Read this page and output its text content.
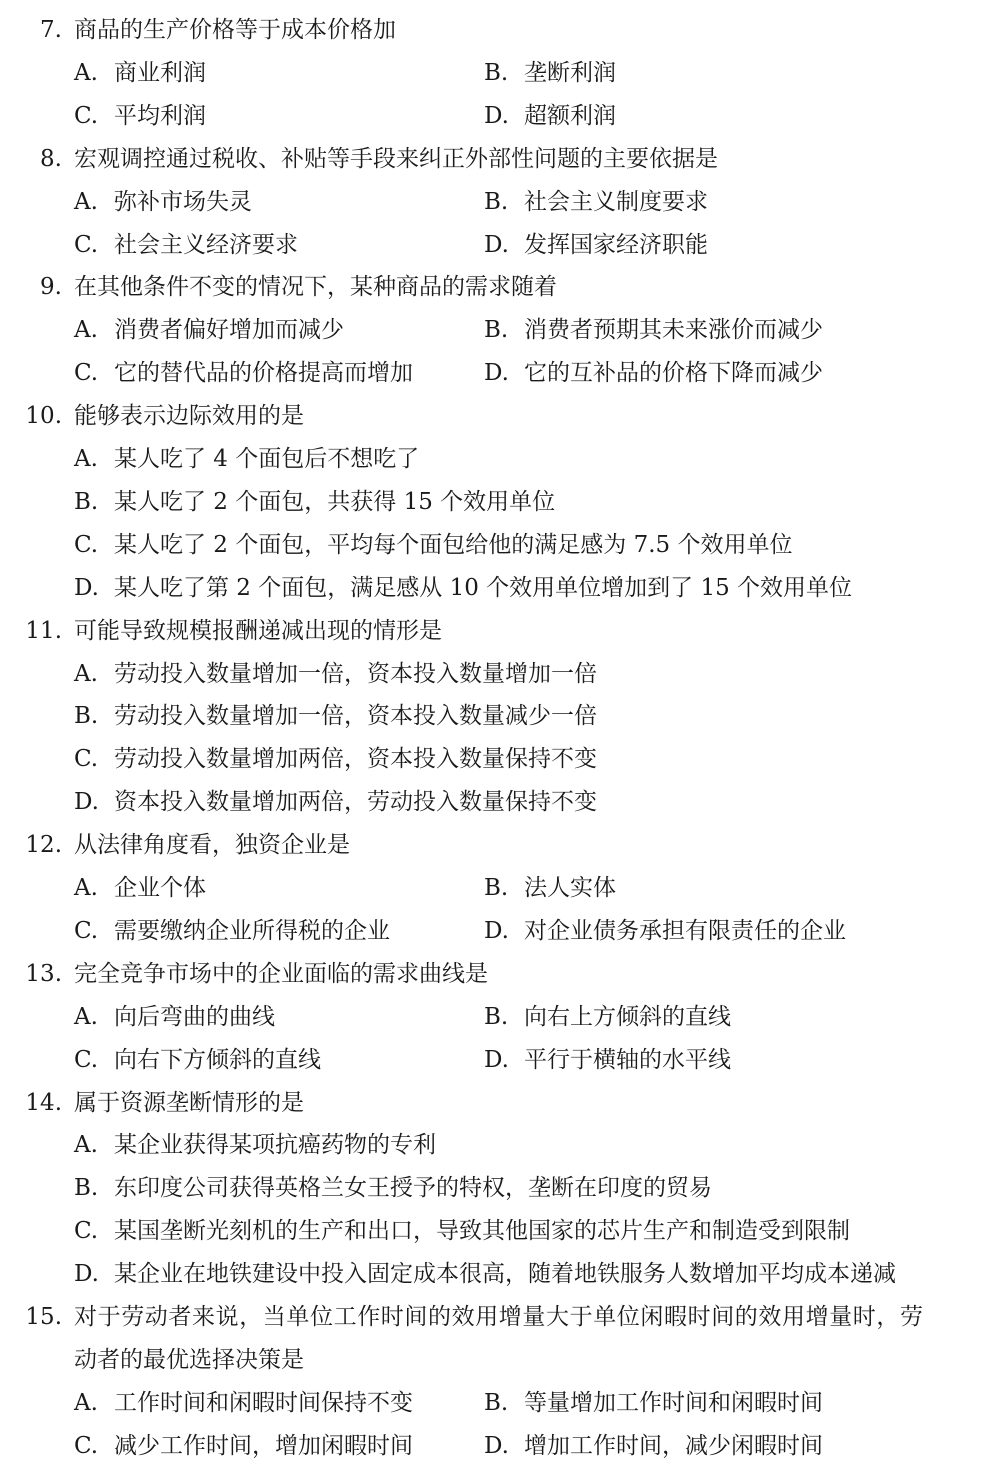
7. 商品的生产价格等于成本价格加
A. 商业利润	B. 垄断利润
C. 平均利润	D. 超额利润
8. 宏观调控通过税收、补贴等手段来纠正外部性问题的主要依据是
A. 弥补市场失灵	B. 社会主义制度要求
C. 社会主义经济要求	D. 发挥国家经济职能
9. 在其他条件不变的情况下，某种商品的需求随着
A. 消费者偏好增加而减少	B. 消费者预期其未来涨价而减少
C. 它的替代品的价格提高而增加	D. 它的互补品的价格下降而减少
10. 能够表示边际效用的是
A. 某人吃了 4 个面包后不想吃了
B. 某人吃了 2 个面包，共获得 15 个效用单位
C. 某人吃了 2 个面包，平均每个面包给他的满足感为 7.5 个效用单位
D. 某人吃了第 2 个面包，满足感从 10 个效用单位增加到了 15 个效用单位
11. 可能导致规模报酬递减出现的情形是
A. 劳动投入数量增加一倍，资本投入数量增加一倍
B. 劳动投入数量增加一倍，资本投入数量减少一倍
C. 劳动投入数量增加两倍，资本投入数量保持不变
D. 资本投入数量增加两倍，劳动投入数量保持不变
12. 从法律角度看，独资企业是
A. 企业个体	B. 法人实体
C. 需要缴纳企业所得税的企业	D. 对企业债务承担有限责任的企业
13. 完全竞争市场中的企业面临的需求曲线是
A. 向后弯曲的曲线	B. 向右上方倾斜的直线
C. 向右下方倾斜的直线	D. 平行于横轴的水平线
14. 属于资源垄断情形的是
A. 某企业获得某项抗癌药物的专利
B. 东印度公司获得英格兰女王授予的特权，垄断在印度的贸易
C. 某国垄断光刻机的生产和出口，导致其他国家的芯片生产和制造受到限制
D. 某企业在地铁建设中投入固定成本很高，随着地铁服务人数增加平均成本递减
15. 对于劳动者来说，当单位工作时间的效用增量大于单位闲暇时间的效用增量时，劳
动者的最优选择决策是
A. 工作时间和闲暇时间保持不变	B. 等量增加工作时间和闲暇时间
C. 减少工作时间，增加闲暇时间	D. 增加工作时间，减少闲暇时间
